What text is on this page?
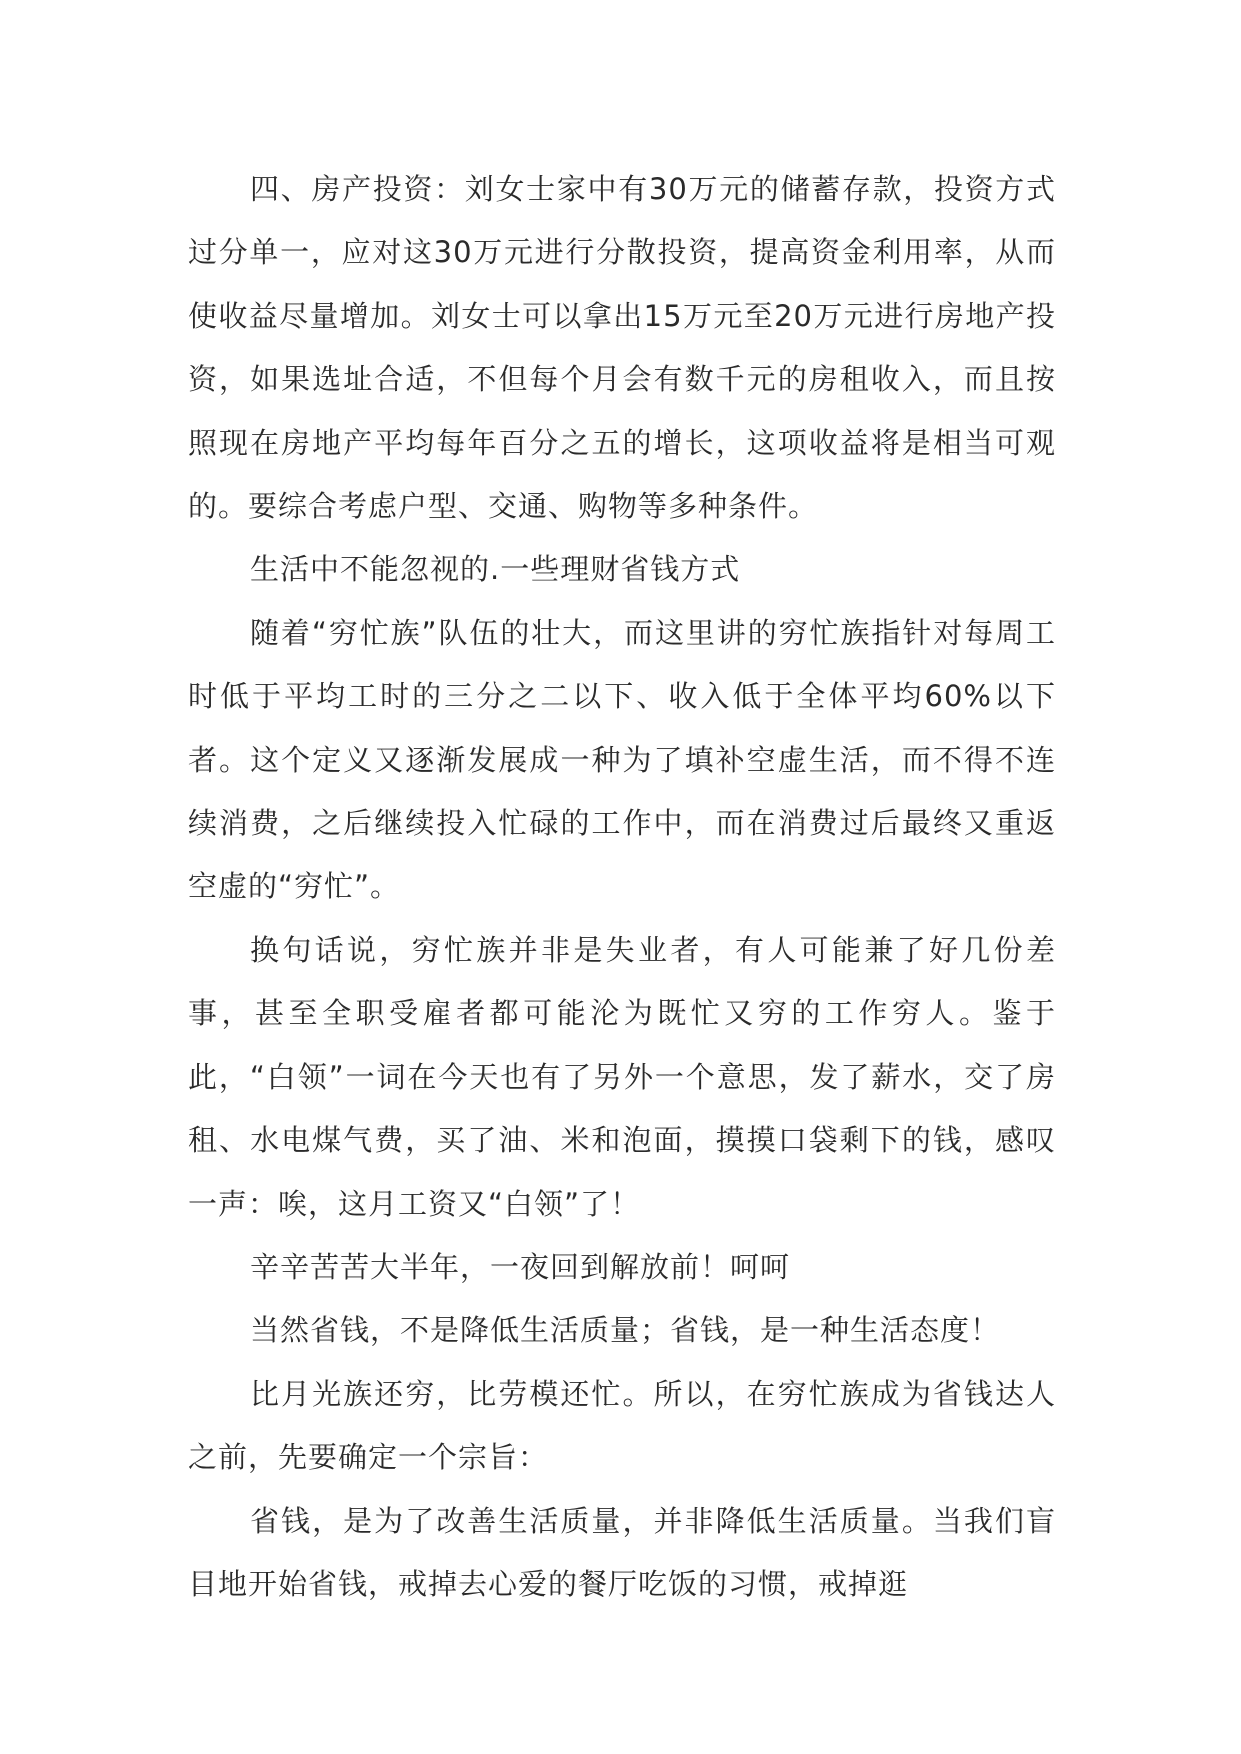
四、房产投资：刘女士家中有30万元的储蓄存款，投资方式过分单一，应对这30万元进行分散投资，提高资金利用率，从而使收益尽量增加。刘女士可以拿出15万元至20万元进行房地产投资，如果选址合适，不但每个月会有数千元的房租收入，而且按照现在房地产平均每年百分之五的增长，这项收益将是相当可观的。要综合考虑户型、交通、购物等多种条件。

生活中不能忽视的.一些理财省钱方式

随着“穷忙族”队伍的壮大，而这里讲的穷忙族指针对每周工时低于平均工时的三分之二以下、收入低于全体平均60%以下者。这个定义又逐渐发展成一种为了填补空虚生活，而不得不连续消费，之后继续投入忙碌的工作中，而在消费过后最终又重返空虚的“穷忙”。

换句话说，穷忙族并非是失业者，有人可能兼了好几份差事，甚至全职受雇者都可能沦为既忙又穷的工作穷人。鉴于此，“白领”一词在今天也有了另外一个意思，发了薪水，交了房租、水电煤气费，买了油、米和泡面，摸摸口袋剩下的钱，感叹一声：唉，这月工资又“白领”了！

辛辛苦苦大半年，一夜回到解放前！呵呵

当然省钱，不是降低生活质量；省钱，是一种生活态度！

比月光族还穷，比劳模还忙。所以，在穷忙族成为省钱达人之前，先要确定一个宗旨：

省钱，是为了改善生活质量，并非降低生活质量。当我们盲目地开始省钱，戒掉去心爱的餐厅吃饭的习惯，戒掉逛
